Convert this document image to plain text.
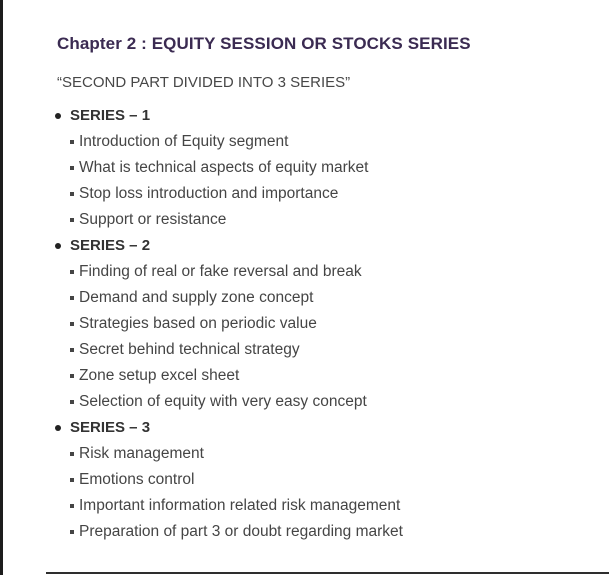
Chapter 2 : EQUITY SESSION OR STOCKS SERIES

“SECOND PART DIVIDED INTO 3 SERIES”

SERIES – 1
Introduction of Equity segment
What is technical aspects of equity market
Stop loss introduction and importance
Support or resistance
SERIES – 2
Finding of real or fake reversal and break
Demand and supply zone concept
Strategies based on periodic value
Secret behind technical strategy
Zone setup excel sheet
Selection of equity with very easy concept
SERIES – 3
Risk management
Emotions control
Important information related risk management
Preparation of part 3 or doubt regarding market
